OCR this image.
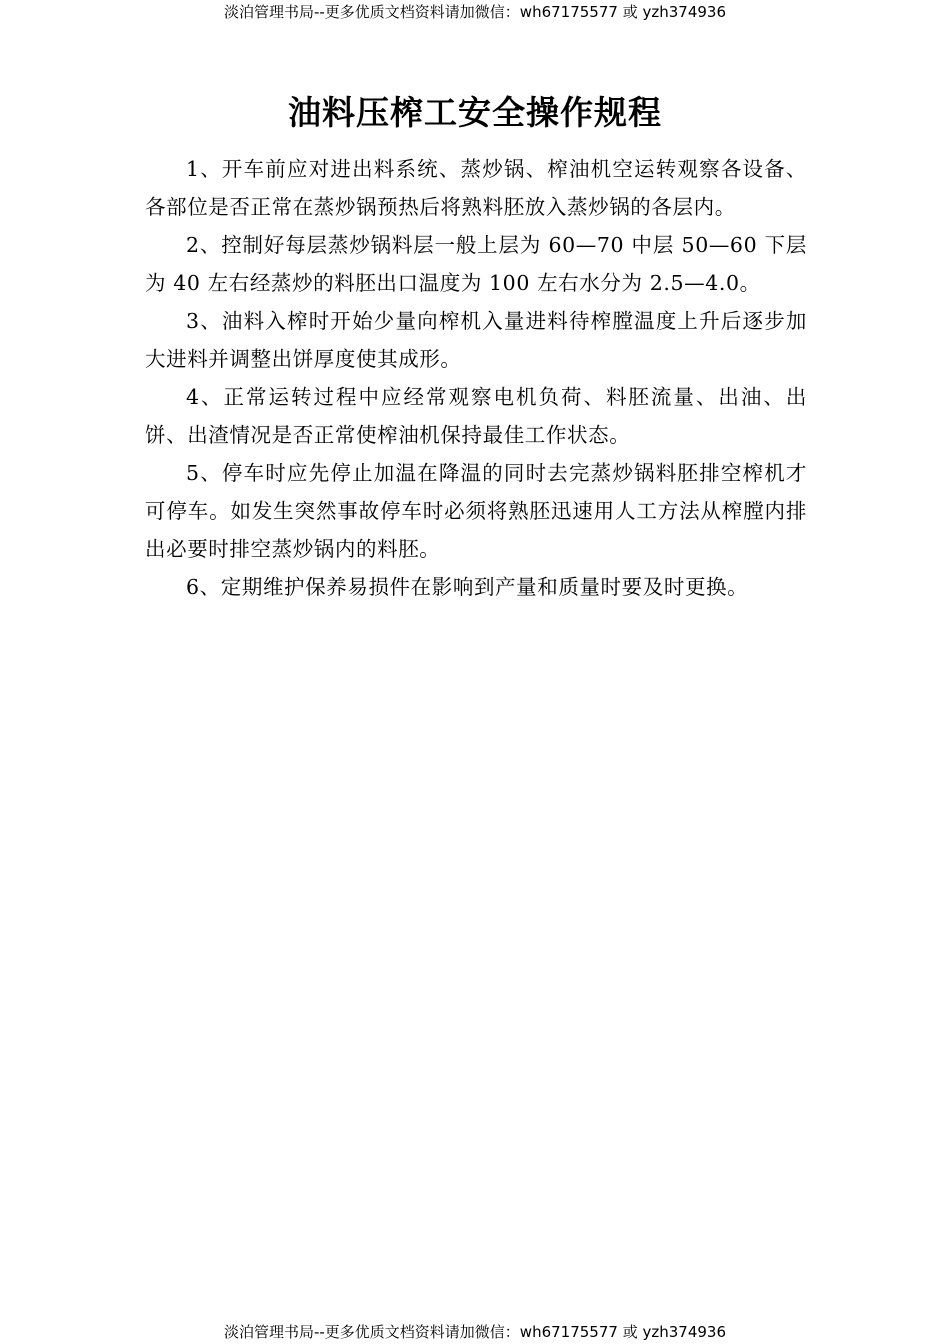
淡泊管理书局--更多优质文档资料请加微信：wh67175577 或 yzh374936
油料压榨工安全操作规程

1、开车前应对进出料系统、蒸炒锅、榨油机空运转观察各设备、各部位是否正常在蒸炒锅预热后将熟料胚放入蒸炒锅的各层内。

2、控制好每层蒸炒锅料层一般上层为 60—70 中层 50—60 下层为 40 左右经蒸炒的料胚出口温度为 100 左右水分为 2.5—4.0。

3、油料入榨时开始少量向榨机入量进料待榨膛温度上升后逐步加大进料并调整出饼厚度使其成形。

4、正常运转过程中应经常观察电机负荷、料胚流量、出油、出饼、出渣情况是否正常使榨油机保持最佳工作状态。

5、停车时应先停止加温在降温的同时去完蒸炒锅料胚排空榨机才可停车。如发生突然事故停车时必须将熟胚迅速用人工方法从榨膛内排出必要时排空蒸炒锅内的料胚。

6、定期维护保养易损件在影响到产量和质量时要及时更换。

淡泊管理书局--更多优质文档资料请加微信：wh67175577 或 yzh374936
